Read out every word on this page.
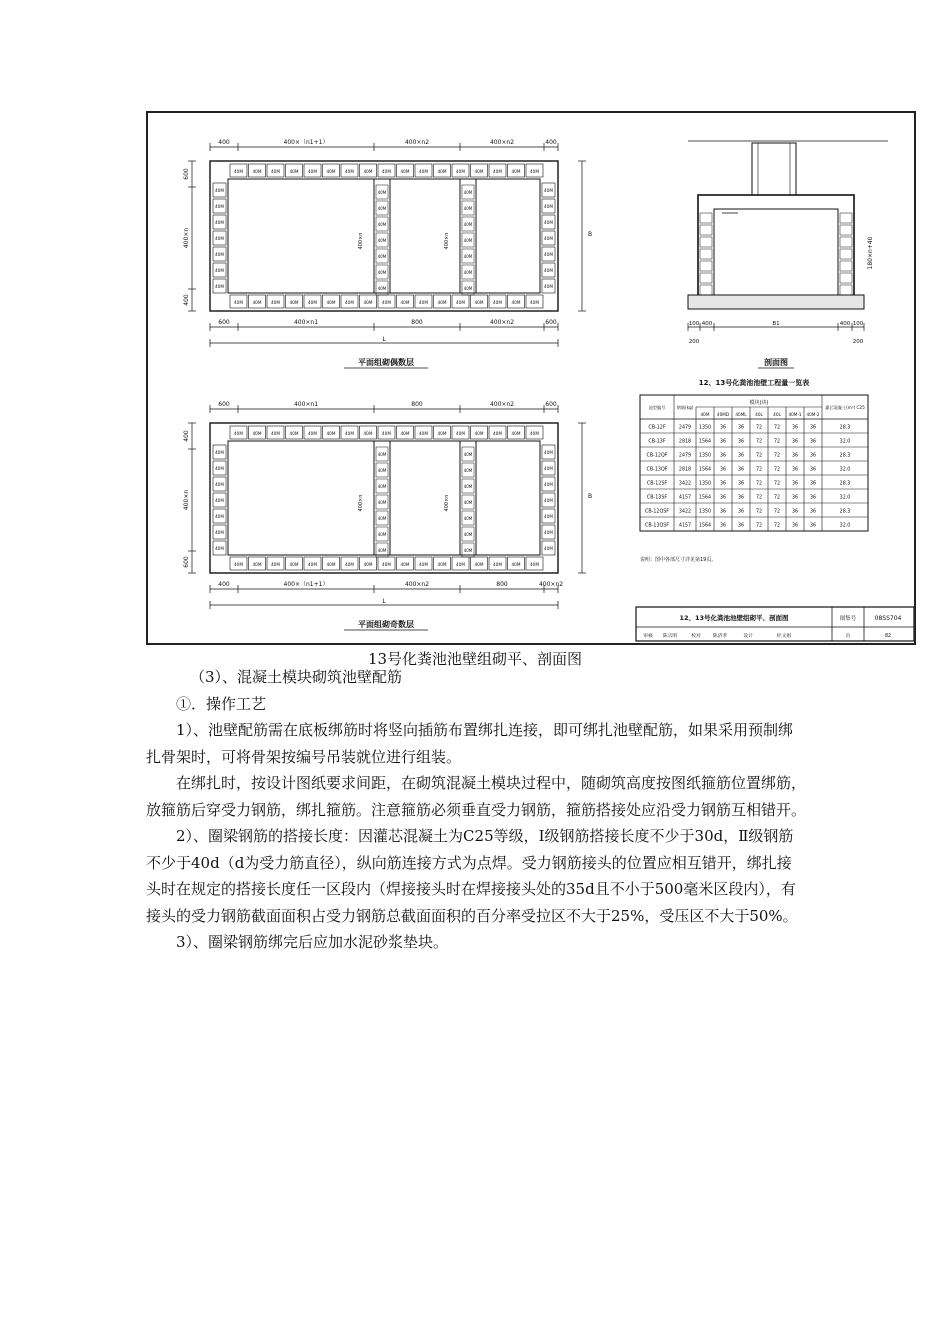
40M
40M
40M
40M
40M
40M
40M
40M
40M
40M
40M
40M
40M
40M
40M
40M
40M
40M
40M
40M
40M
40M
40M
40M
40M
40M
40M
40M
40M
40M
40M
40M
40M
40M
40M	40M
40M	40M
40M	40M
40M	40M
40M	40M
40M	40M
40M	40M
40M
40M
40M
40M
40M
40M
40M
40M
40M
40M
40M
40M
40M
40M
400×n	400×n
400	400×（n1+1）	400×n2	400×n2	400
600	400×n1	800	400×n2	600
L
600
400×n
400
B
平面组砌偶数层
40M
40M
40M
40M
40M
40M
40M
40M
40M
40M
40M
40M
40M
40M
40M
40M
40M
40M
40M
40M
40M
40M
40M
40M
40M
40M
40M
40M
40M
40M
40M
40M
40M
40M
40M	40M
40M	40M
40M	40M
40M	40M
40M	40M
40M	40M
40M	40M
40M
40M
40M
40M
40M
40M
40M
40M
40M
40M
40M
40M
40M
40M
400×n	400×n
600	400×n1	800	400×n2	600
400	400×（n1+1）	400×n2	800	400×n2
L
400
400×n
600
B
平面组砌奇数层
180×n+40
100 400	B1	400 100
200	200
剖面图
12、13号化粪池池壁工程量一览表
模块(块)
池型编号	钢筋(kg)
40M 40MD 40ML 40L 40L 40M-1 40M-2
灌芯混凝土(m³) C25
CB-12F	2479 1350 36 36 72 72 36 36	28.3
CB-13F	2818 1564 36 36 72 72 36 36	32.0
CB-12QF 2479 1350 36 36 72 72 36 36	28.3
CB-13QF 2818 1564 36 36 72 72 36 36	32.0
CB-12SF 3422 1350 36 36 72 72 36 36	28.3
CB-13SF 4157 1564 36 36 72 72 36 36	32.0
CB-12QSF 3422 1350 36 36 72 72 36 36	28.3
CB-13QSF 4157 1564 36 36 72 72 36 36	32.0
说明：图中各部尺寸详见第19页。
12、13号化粪池池壁组砌平、剖面图	图集号	08SS704
审核 陈宗明	校对 陈济孝	设计	杜文娟	页	82
13号化粪池池壁组砌平、剖面图

（3）、混凝土模块砌筑池壁配筋

①．操作工艺

1）、池壁配筋需在底板绑筋时将竖向插筋布置绑扎连接，即可绑扎池壁配筋，如果采用预制绑扎骨架时，可将骨架按编号吊装就位进行组装。

在绑扎时，按设计图纸要求间距，在砌筑混凝土模块过程中，随砌筑高度按图纸箍筋位置绑筋，放箍筋后穿受力钢筋，绑扎箍筋。注意箍筋必须垂直受力钢筋，箍筋搭接处应沿受力钢筋互相错开。

2）、圈梁钢筋的搭接长度：因灌芯混凝土为C25等级，Ⅰ级钢筋搭接长度不少于30d，Ⅱ级钢筋不少于40d（d为受力筋直径），纵向筋连接方式为点焊。受力钢筋接头的位置应相互错开，绑扎接头时在规定的搭接长度任一区段内（焊接接头时在焊接接头处的35d且不小于500毫米区段内），有接头的受力钢筋截面面积占受力钢筋总截面面积的百分率受拉区不大于25%，受压区不大于50%。

3）、圈梁钢筋绑完后应加水泥砂浆垫块。
